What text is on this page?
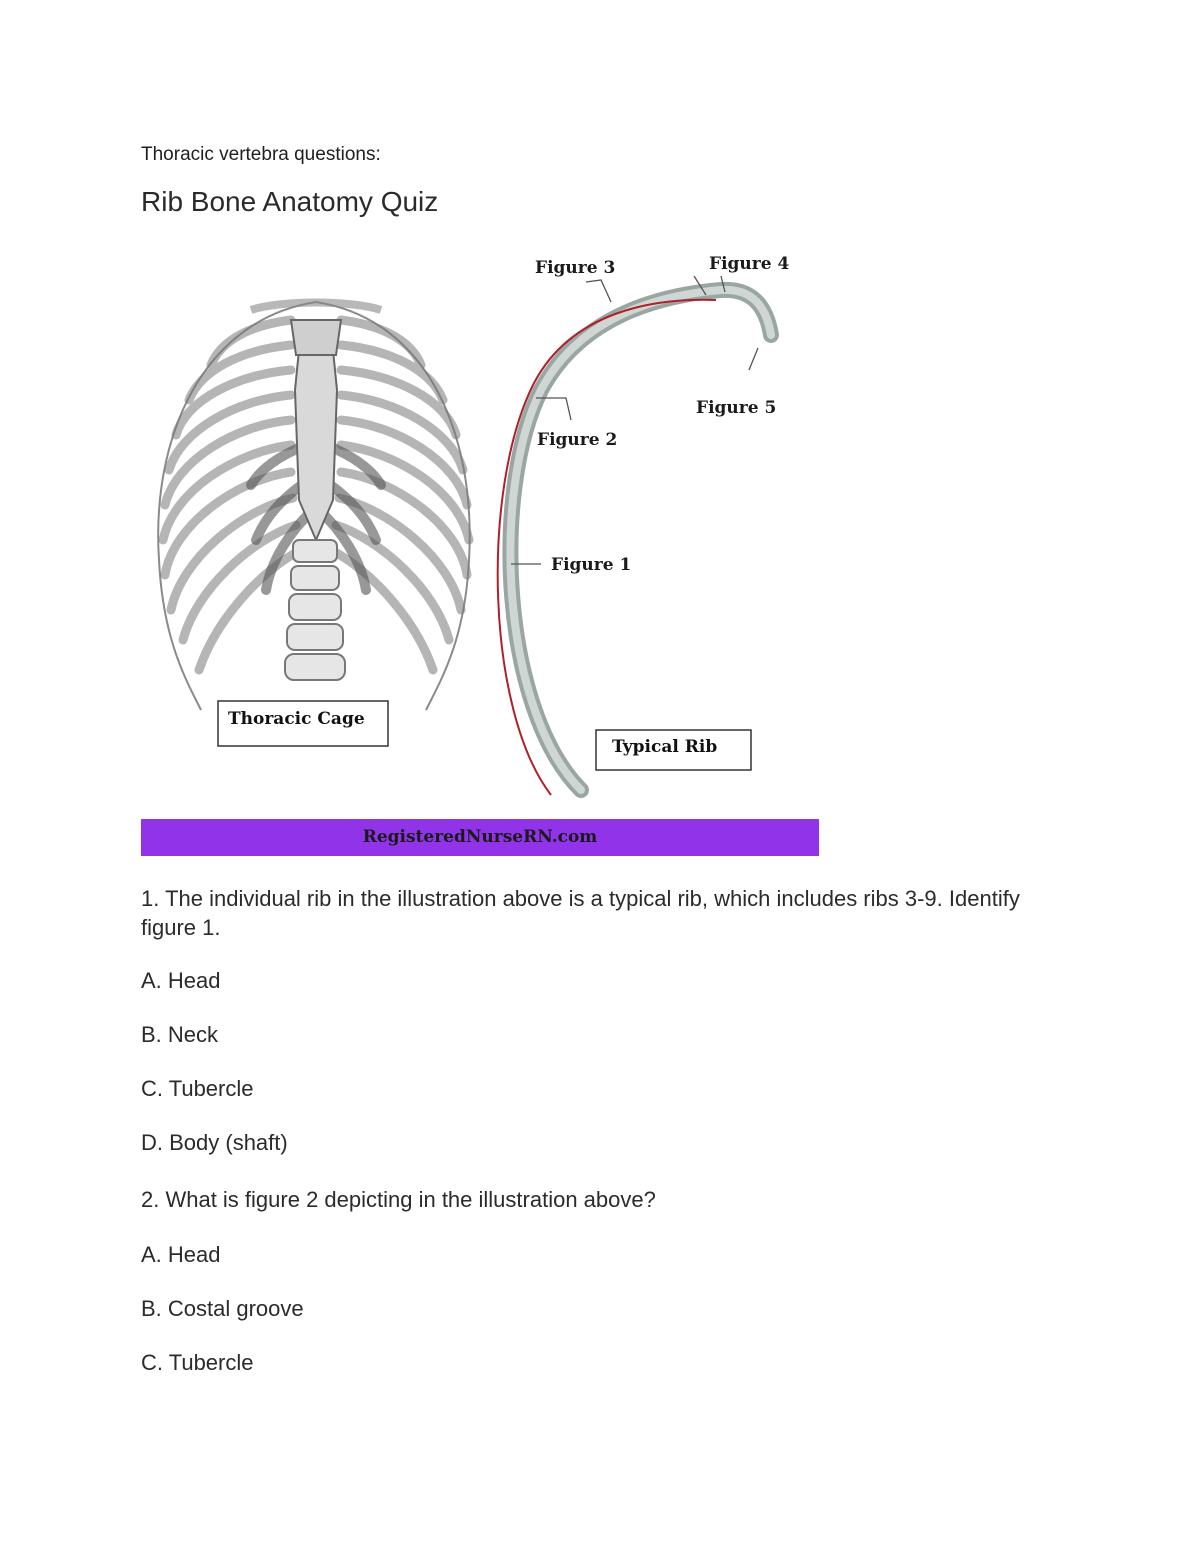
Thoracic vertebra questions:
Rib Bone Anatomy Quiz
Thoracic Cage
Figure 3	Figure 4
Figure 5
Figure 2
Figure 1
Typical Rib
RegisteredNurseRN.com
1. The individual rib in the illustration above is a typical rib, which includes ribs 3-9. Identify figure 1.
A. Head
B. Neck
C. Tubercle
D. Body (shaft)
2. What is figure 2 depicting in the illustration above?
A. Head
B. Costal groove
C. Tubercle
